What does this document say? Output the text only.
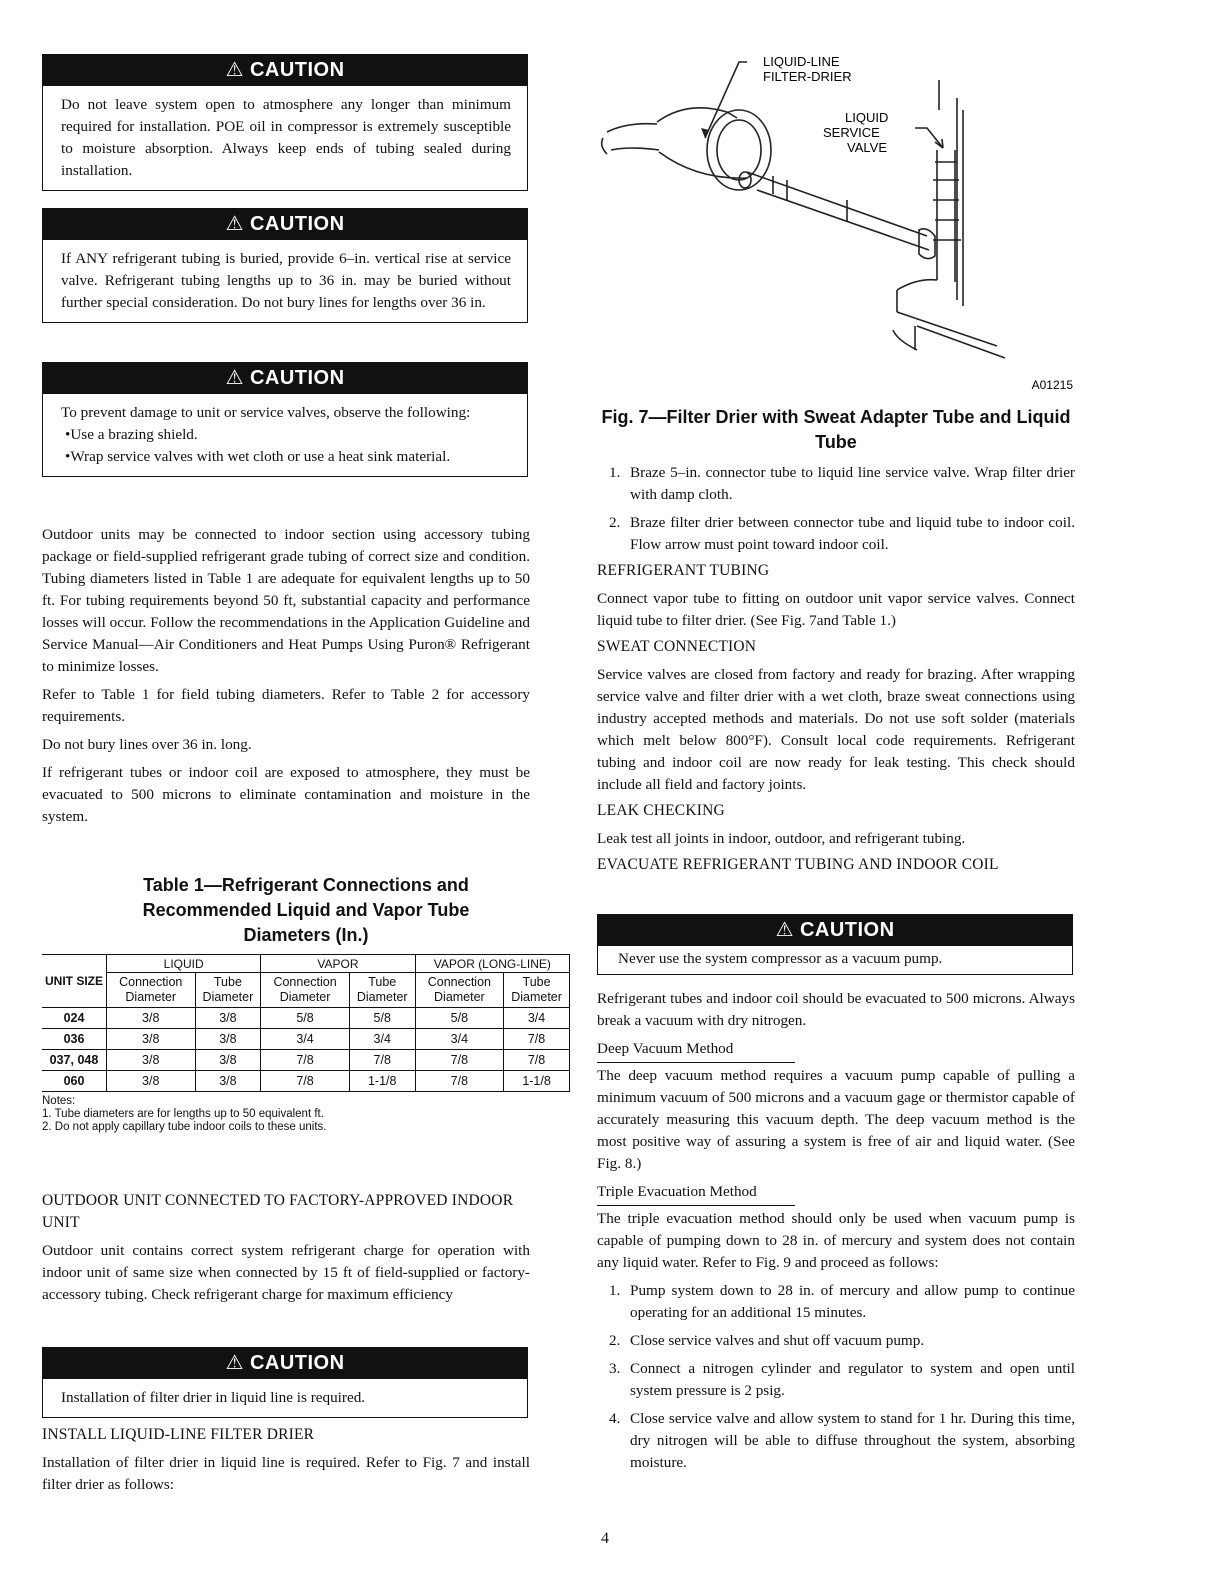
⚠ CAUTION
Do not leave system open to atmosphere any longer than minimum required for installation. POE oil in compressor is extremely susceptible to moisture absorption. Always keep ends of tubing sealed during installation.
⚠ CAUTION
If ANY refrigerant tubing is buried, provide 6–in. vertical rise at service valve. Refrigerant tubing lengths up to 36 in. may be buried without further special consideration. Do not bury lines for lengths over 36 in.
⚠ CAUTION
To prevent damage to unit or service valves, observe the following:
• Use a brazing shield.
• Wrap service valves with wet cloth or use a heat sink material.

Outdoor units may be connected to indoor section using accessory tubing package or field-supplied refrigerant grade tubing of correct size and condition. Tubing diameters listed in Table 1 are adequate for equivalent lengths up to 50 ft. For tubing requirements beyond 50 ft, substantial capacity and performance losses will occur. Follow the recommendations in the Application Guideline and Service Manual—Air Conditioners and Heat Pumps Using Puron® Refrigerant to minimize losses.

Refer to Table 1 for field tubing diameters. Refer to Table 2 for accessory requirements.

Do not bury lines over 36 in. long.

If refrigerant tubes or indoor coil are exposed to atmosphere, they must be evacuated to 500 microns to eliminate contamination and moisture in the system.

Table 1—Refrigerant Connections and Recommended Liquid and Vapor Tube Diameters (In.)
UNIT SIZE	LIQUID		VAPOR		VAPOR (LONG-LINE)	
	Connection Diameter	Tube Diameter	Connection Diameter	Tube Diameter	Connection Diameter	Tube Diameter
024	3/8	3/8	5/8	5/8	5/8	3/4
036	3/8	3/8	3/4	3/4	3/4	7/8
037, 048	3/8	3/8	7/8	7/8	7/8	7/8
060	3/8	3/8	7/8	1-1/8	7/8	1-1/8
Notes:
1. Tube diameters are for lengths up to 50 equivalent ft.
2. Do not apply capillary tube indoor coils to these units.

OUTDOOR UNIT CONNECTED TO FACTORY-APPROVED INDOOR UNIT

Outdoor unit contains correct system refrigerant charge for operation with indoor unit of same size when connected by 15 ft of field-supplied or factory-accessory tubing. Check refrigerant charge for maximum efficiency

⚠ CAUTION
Installation of filter drier in liquid line is required.

INSTALL LIQUID-LINE FILTER DRIER

Installation of filter drier in liquid line is required. Refer to Fig. 7 and install filter drier as follows:

LIQUID-LINE
FILTER-DRIER
LIQUID
SERVICE
VALVE
A01215
Fig. 7—Filter Drier with Sweat Adapter Tube and Liquid Tube
1. Braze 5–in. connector tube to liquid line service valve. Wrap filter drier with damp cloth.
2. Braze filter drier between connector tube and liquid tube to indoor coil. Flow arrow must point toward indoor coil.

REFRIGERANT TUBING

Connect vapor tube to fitting on outdoor unit vapor service valves. Connect liquid tube to filter drier. (See Fig. 7and Table 1.)

SWEAT CONNECTION

Service valves are closed from factory and ready for brazing. After wrapping service valve and filter drier with a wet cloth, braze sweat connections using industry accepted methods and materials. Do not use soft solder (materials which melt below 800°F). Consult local code requirements. Refrigerant tubing and indoor coil are now ready for leak testing. This check should include all field and factory joints.

LEAK CHECKING

Leak test all joints in indoor, outdoor, and refrigerant tubing.

EVACUATE REFRIGERANT TUBING AND INDOOR COIL

⚠ CAUTION
Never use the system compressor as a vacuum pump.

Refrigerant tubes and indoor coil should be evacuated to 500 microns. Always break a vacuum with dry nitrogen.

Deep Vacuum Method

The deep vacuum method requires a vacuum pump capable of pulling a minimum vacuum of 500 microns and a vacuum gage or thermistor capable of accurately measuring this vacuum depth. The deep vacuum method is the most positive way of assuring a system is free of air and liquid water. (See Fig. 8.)

Triple Evacuation Method

The triple evacuation method should only be used when vacuum pump is capable of pumping down to 28 in. of mercury and system does not contain any liquid water. Refer to Fig. 9 and proceed as follows:

1. Pump system down to 28 in. of mercury and allow pump to continue operating for an additional 15 minutes.
2. Close service valves and shut off vacuum pump.
3. Connect a nitrogen cylinder and regulator to system and open until system pressure is 2 psig.
4. Close service valve and allow system to stand for 1 hr. During this time, dry nitrogen will be able to diffuse throughout the system, absorbing moisture.
4
